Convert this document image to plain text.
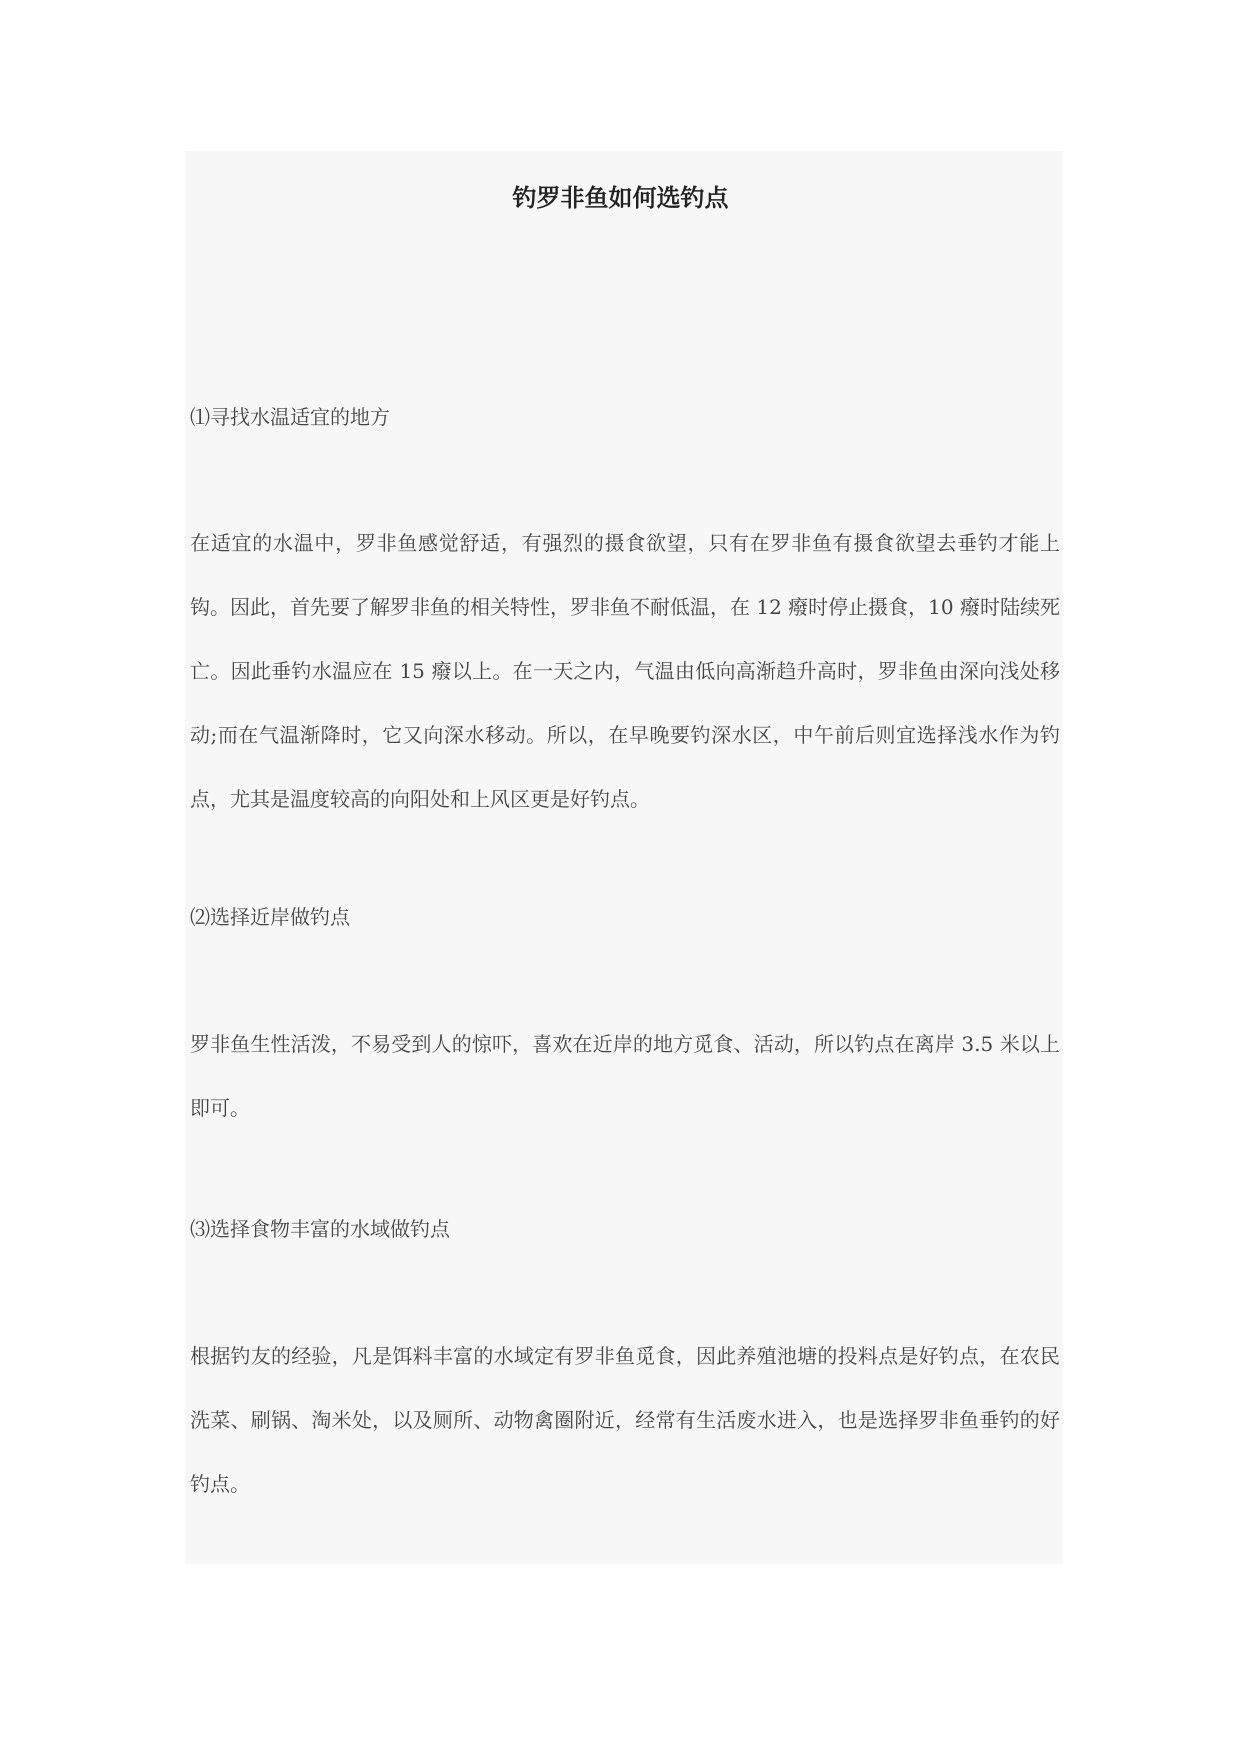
钓罗非鱼如何选钓点
⑴寻找水温适宜的地方
在适宜的水温中，罗非鱼感觉舒适，有强烈的摄食欲望，只有在罗非鱼有摄食欲望去垂钓才能上钩。因此，首先要了解罗非鱼的相关特性，罗非鱼不耐低温，在 12 癈时停止摄食，10 癈时陆续死亡。因此垂钓水温应在 15 癈以上。在一天之内，气温由低向高渐趋升高时，罗非鱼由深向浅处移动;而在气温渐降时，它又向深水移动。所以，在早晚要钓深水区，中午前后则宜选择浅水作为钓点，尤其是温度较高的向阳处和上风区更是好钓点。
⑵选择近岸做钓点
罗非鱼生性活泼，不易受到人的惊吓，喜欢在近岸的地方觅食、活动，所以钓点在离岸 3.5 米以上即可。
⑶选择食物丰富的水域做钓点
根据钓友的经验，凡是饵料丰富的水域定有罗非鱼觅食，因此养殖池塘的投料点是好钓点，在农民洗菜、刷锅、淘米处，以及厕所、动物禽圈附近，经常有生活废水进入，也是选择罗非鱼垂钓的好钓点。
